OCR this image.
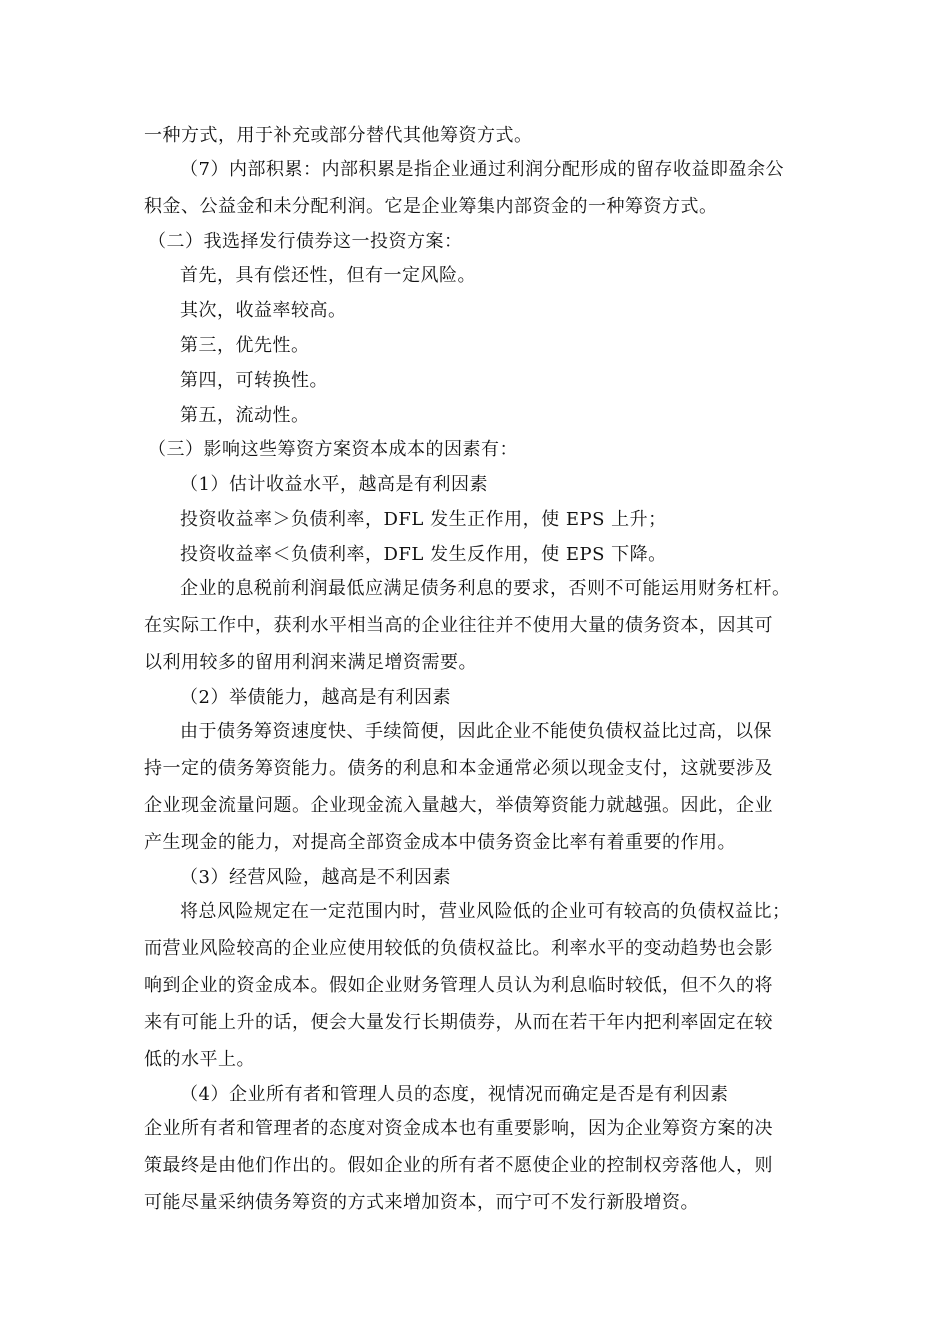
一种方式，用于补充或部分替代其他筹资方式。
（7）内部积累：内部积累是指企业通过利润分配形成的留存收益即盈余公
积金、公益金和未分配利润。它是企业筹集内部资金的一种筹资方式。
（二）我选择发行债券这一投资方案：
首先，具有偿还性，但有一定风险。
其次，收益率较高。
第三，优先性。
第四，可转换性。
第五，流动性。
（三）影响这些筹资方案资本成本的因素有：
（1）估计收益水平，越高是有利因素
投资收益率＞负债利率，DFL 发生正作用，使 EPS 上升；
投资收益率＜负债利率，DFL 发生反作用，使 EPS 下降。
企业的息税前利润最低应满足债务利息的要求，否则不可能运用财务杠杆。
在实际工作中，获利水平相当高的企业往往并不使用大量的债务资本，因其可
以利用较多的留用利润来满足增资需要。
（2）举债能力，越高是有利因素
由于债务筹资速度快、手续简便，因此企业不能使负债权益比过高，以保
持一定的债务筹资能力。债务的利息和本金通常必须以现金支付，这就要涉及
企业现金流量问题。企业现金流入量越大，举债筹资能力就越强。因此，企业
产生现金的能力，对提高全部资金成本中债务资金比率有着重要的作用。
（3）经营风险，越高是不利因素
将总风险规定在一定范围内时，营业风险低的企业可有较高的负债权益比；
而营业风险较高的企业应使用较低的负债权益比。利率水平的变动趋势也会影
响到企业的资金成本。假如企业财务管理人员认为利息临时较低，但不久的将
来有可能上升的话，便会大量发行长期债券，从而在若干年内把利率固定在较
低的水平上。
（4）企业所有者和管理人员的态度，视情况而确定是否是有利因素
企业所有者和管理者的态度对资金成本也有重要影响，因为企业筹资方案的决
策最终是由他们作出的。假如企业的所有者不愿使企业的控制权旁落他人，则
可能尽量采纳债务筹资的方式来增加资本，而宁可不发行新股增资。
